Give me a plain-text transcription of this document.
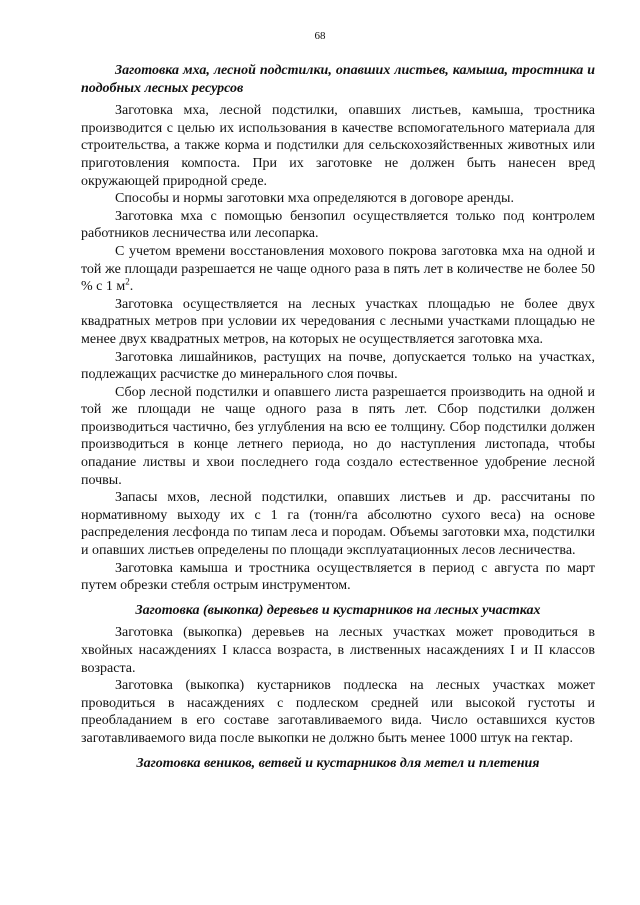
68
Заготовка мха, лесной подстилки, опавших листьев, камыша, тростника и подобных лесных ресурсов

Заготовка мха, лесной подстилки, опавших листьев, камыша, тростника производится с целью их использования в качестве вспомогательного материала для строительства, а также корма и подстилки для сельскохозяйственных животных или приготовления компоста. При их заготовке не должен быть нанесен вред окружающей природной среде.

Способы и нормы заготовки мха определяются в договоре аренды.

Заготовка мха с помощью бензопил осуществляется только под контролем работников лесничества или лесопарка.

С учетом времени восстановления мохового покрова заготовка мха на одной и той же площади разрешается не чаще одного раза в пять лет в количестве не более 50 % с 1 $м^2$.

Заготовка осуществляется на лесных участках площадью не более двух квадратных метров при условии их чередования с лесными участками площадью не менее двух квадратных метров, на которых не осуществляется заготовка мха.

Заготовка лишайников, растущих на почве, допускается только на участках, подлежащих расчистке до минерального слоя почвы.

Сбор лесной подстилки и опавшего листа разрешается производить на одной и той же площади не чаще одного раза в пять лет. Сбор подстилки должен производиться частично, без углубления на всю ее толщину. Сбор подстилки должен производиться в конце летнего периода, но до наступления листопада, чтобы опадание листвы и хвои последнего года создало естественное удобрение лесной почвы.

Запасы мхов, лесной подстилки, опавших листьев и др. рассчитаны по нормативному выходу их с 1 га (тонн/га абсолютно сухого веса) на основе распределения лесфонда по типам леса и породам. Объемы заготовки мха, подстилки и опавших листьев определены по площади эксплуатационных лесов лесничества.

Заготовка камыша и тростника осуществляется в период с августа по март путем обрезки стебля острым инструментом.

Заготовка (выкопка) деревьев и кустарников на лесных участках

Заготовка (выкопка) деревьев на лесных участках может проводиться в хвойных насаждениях I класса возраста, в лиственных насаждениях I и II классов возраста.

Заготовка (выкопка) кустарников подлеска на лесных участках может проводиться в насаждениях с подлеском средней или высокой густоты и преобладанием в его составе заготавливаемого вида. Число оставшихся кустов заготавливаемого вида после выкопки не должно быть менее 1000 штук на гектар.

Заготовка веников, ветвей и кустарников для метел и плетения
